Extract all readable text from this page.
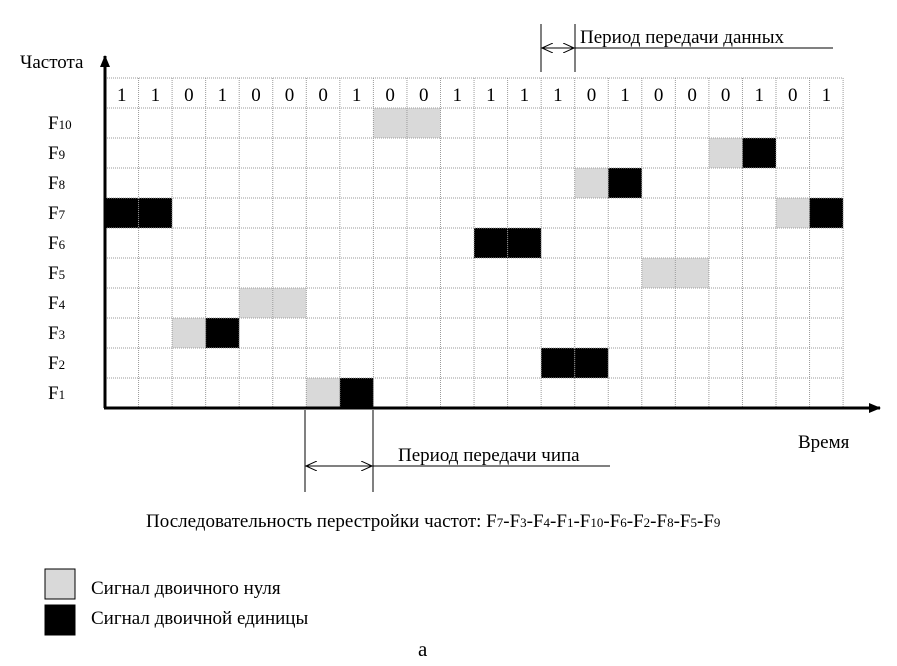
Частота
Время
1 1 0 1 0 0 0 1 0 0 1 1 1 1 0 1 0 0 0 1 0 1
F10
F9
F8
F7
F6
F5
F4
F3
F2
F1
Период передачи данных
Период передачи чипа
Последовательность перестройки частот: F7-F3-F4-F1-F10-F6-F2-F8-F5-F9
Сигнал двоичного нуля
Сигнал двоичной единицы
а
